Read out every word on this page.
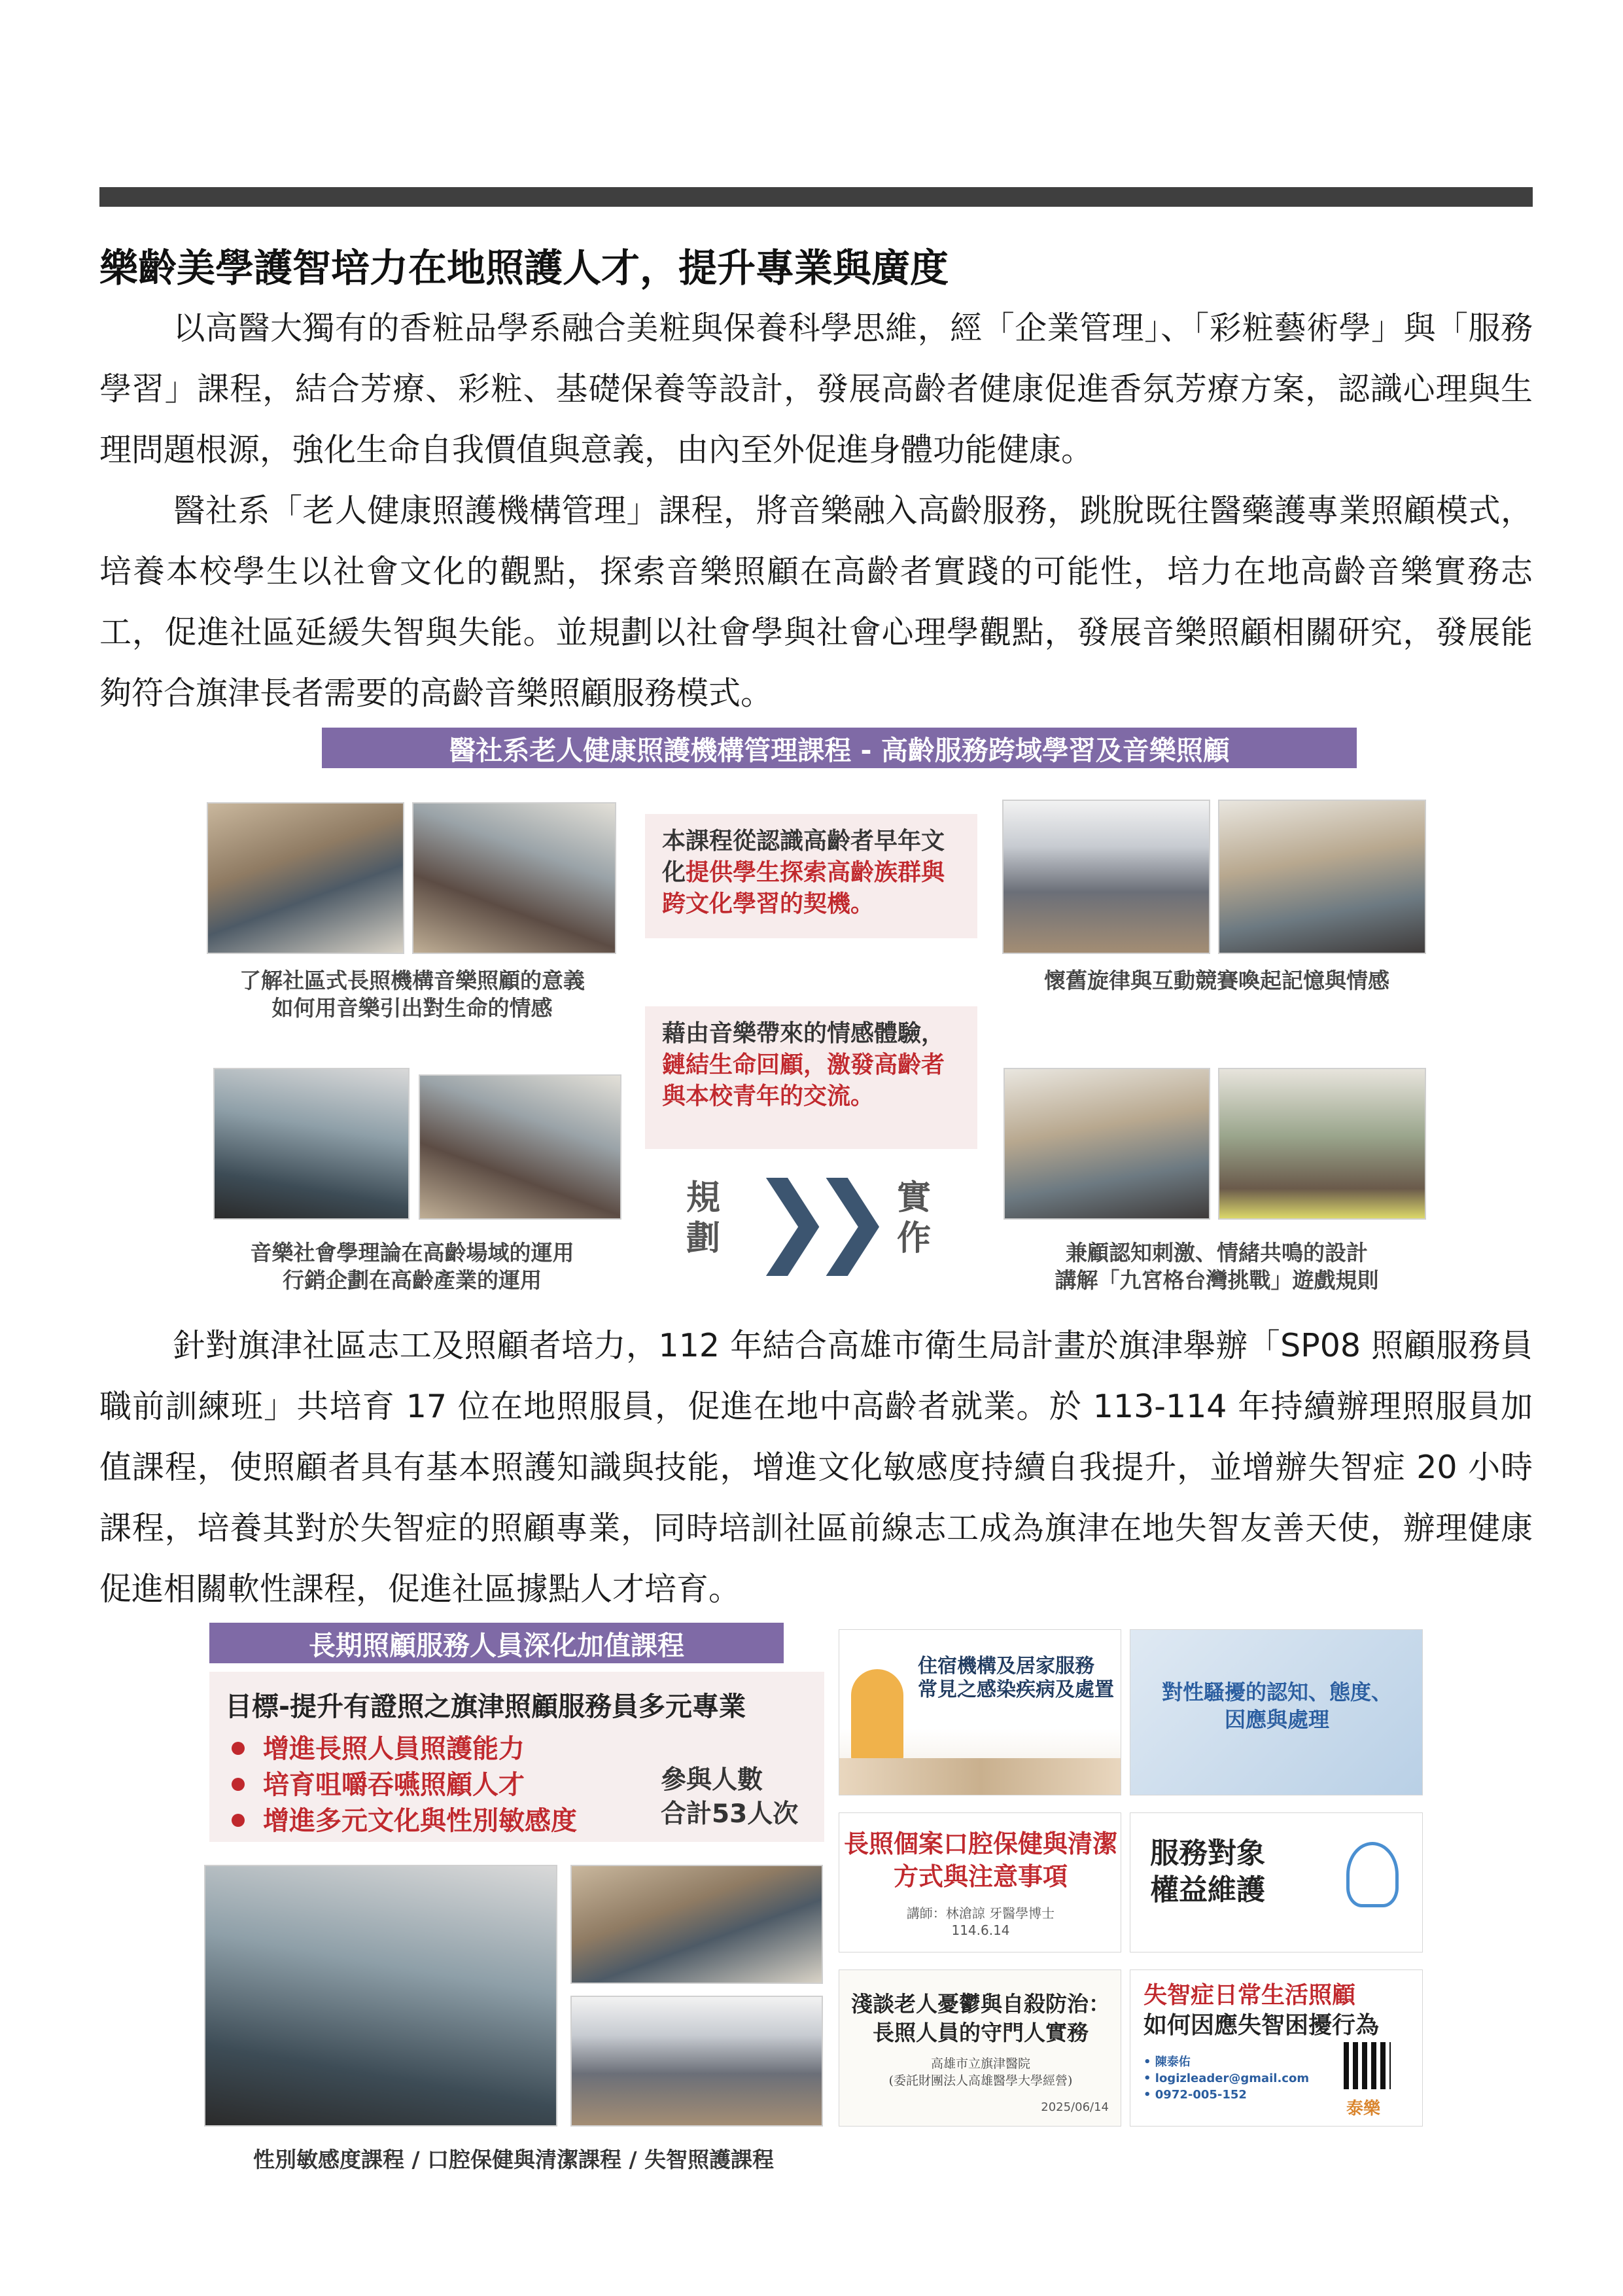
樂齡美學護智培力在地照護人才，提升專業與廣度
以高醫大獨有的香粧品學系融合美粧與保養科學思維，經「企業管理」、「彩粧藝術學」與「服務學習」課程，結合芳療、彩粧、基礎保養等設計，發展高齡者健康促進香氛芳療方案，認識心理與生理問題根源，強化生命自我價值與意義，由內至外促進身體功能健康。
醫社系「老人健康照護機構管理」課程，將音樂融入高齡服務，跳脫既往醫藥護專業照顧模式，培養本校學生以社會文化的觀點，探索音樂照顧在高齡者實踐的可能性，培力在地高齡音樂實務志工，促進社區延緩失智與失能。並規劃以社會學與社會心理學觀點，發展音樂照顧相關研究，發展能夠符合旗津長者需要的高齡音樂照顧服務模式。
醫社系老人健康照護機構管理課程 - 高齡服務跨域學習及音樂照顧
了解社區式長照機構音樂照顧的意義
如何用音樂引出對生命的情感
本課程從認識高齡者早年文化提供學生探索高齡族群與跨文化學習的契機。
懷舊旋律與互動競賽喚起記憶與情感
藉由音樂帶來的情感體驗，鏈結生命回顧，激發高齡者與本校青年的交流。
音樂社會學理論在高齡場域的運用
行銷企劃在高齡產業的運用
規
劃 ❯❯ 實
作	兼顧認知刺激、情緒共鳴的設計
講解「九宮格台灣挑戰」遊戲規則
針對旗津社區志工及照顧者培力，112 年結合高雄市衛生局計畫於旗津舉辦「SP08 照顧服務員職前訓練班」共培育 17 位在地照服員，促進在地中高齡者就業。於 113-114 年持續辦理照服員加值課程，使照顧者具有基本照護知識與技能，增進文化敏感度持續自我提升，並增辦失智症 20 小時課程，培養其對於失智症的照顧專業，同時培訓社區前線志工成為旗津在地失智友善天使，辦理健康促進相關軟性課程，促進社區據點人才培育。
長期照顧服務人員深化加值課程
目標-提升有證照之旗津照顧服務員多元專業
增進長照人員照護能力
培育咀嚼吞嚥照顧人才
增進多元文化與性別敏感度
參與人數
合計53人次
住宿機構及居家服務
常見之感染疾病及處置	對性騷擾的認知、態度、
因應與處理
長照個案口腔保健與清潔
方式與注意事項
講師：林滄諒 牙醫學博士
114.6.14
服務對象
權益維護
淺談老人憂鬱與自殺防治：
長照人員的守門人實務
高雄市立旗津醫院
(委託財團法人高雄醫學大學經營)
2025/06/14
失智症日常生活照顧
如何因應失智困擾行為
• 陳泰佑
• logizleader@gmail.com
• 0972-005-152
泰樂
性別敏感度課程 / 口腔保健與清潔課程 / 失智照護課程
